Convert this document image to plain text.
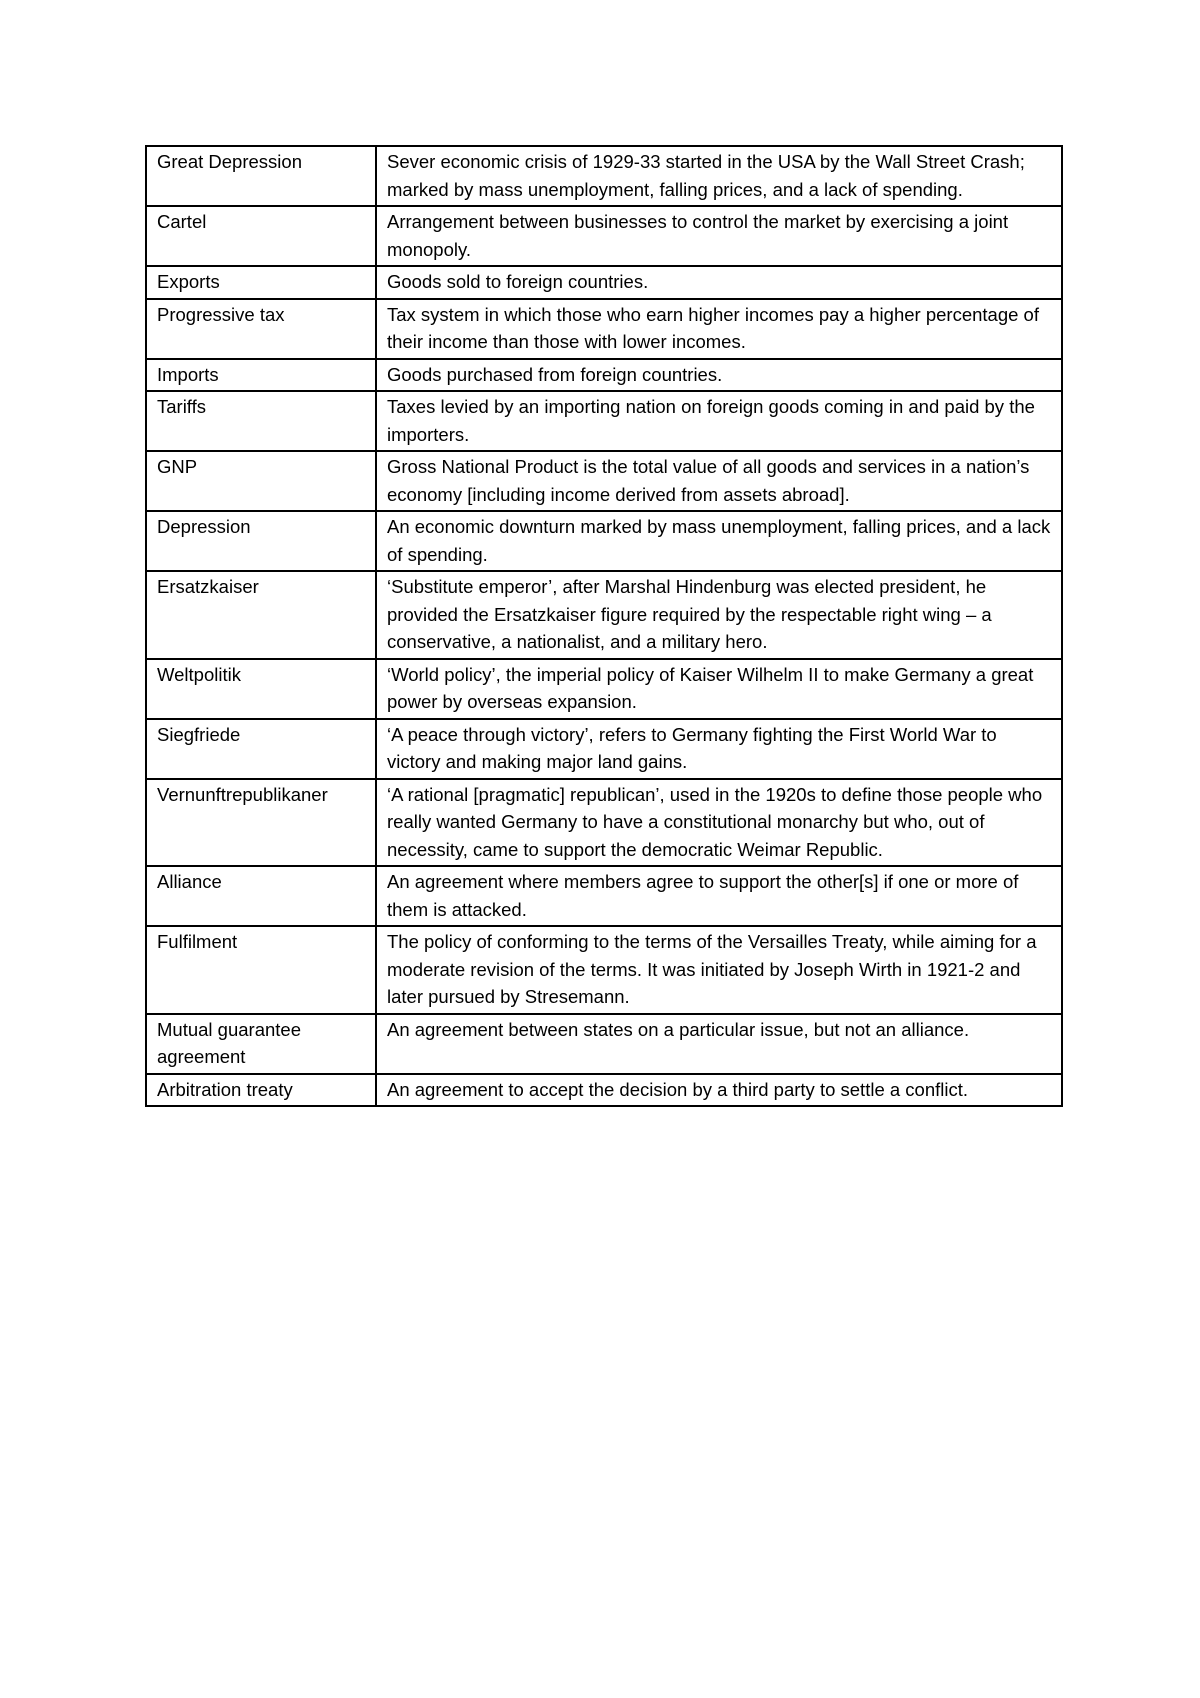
Great Depression	Sever economic crisis of 1929-33 started in the USA by the Wall Street Crash; marked by mass unemployment, falling prices, and a lack of spending.
Cartel	Arrangement between businesses to control the market by exercising a joint monopoly.
Exports	Goods sold to foreign countries.
Progressive tax	Tax system in which those who earn higher incomes pay a higher percentage of their income than those with lower incomes.
Imports	Goods purchased from foreign countries.
Tariffs	Taxes levied by an importing nation on foreign goods coming in and paid by the importers.
GNP	Gross National Product is the total value of all goods and services in a nation’s economy [including income derived from assets abroad].
Depression	An economic downturn marked by mass unemployment, falling prices, and a lack of spending.
Ersatzkaiser	‘Substitute emperor’, after Marshal Hindenburg was elected president, he provided the Ersatzkaiser figure required by the respectable right wing – a conservative, a nationalist, and a military hero.
Weltpolitik	‘World policy’, the imperial policy of Kaiser Wilhelm II to make Germany a great power by overseas expansion.
Siegfriede	‘A peace through victory’, refers to Germany fighting the First World War to victory and making major land gains.
Vernunftrepublikaner	‘A rational [pragmatic] republican’, used in the 1920s to define those people who really wanted Germany to have a constitutional monarchy but who, out of necessity, came to support the democratic Weimar Republic.
Alliance	An agreement where members agree to support the other[s] if one or more of them is attacked.
Fulfilment	The policy of conforming to the terms of the Versailles Treaty, while aiming for a moderate revision of the terms. It was initiated by Joseph Wirth in 1921-2 and later pursued by Stresemann.
Mutual guarantee agreement	An agreement between states on a particular issue, but not an alliance.
Arbitration treaty	An agreement to accept the decision by a third party to settle a conflict.
